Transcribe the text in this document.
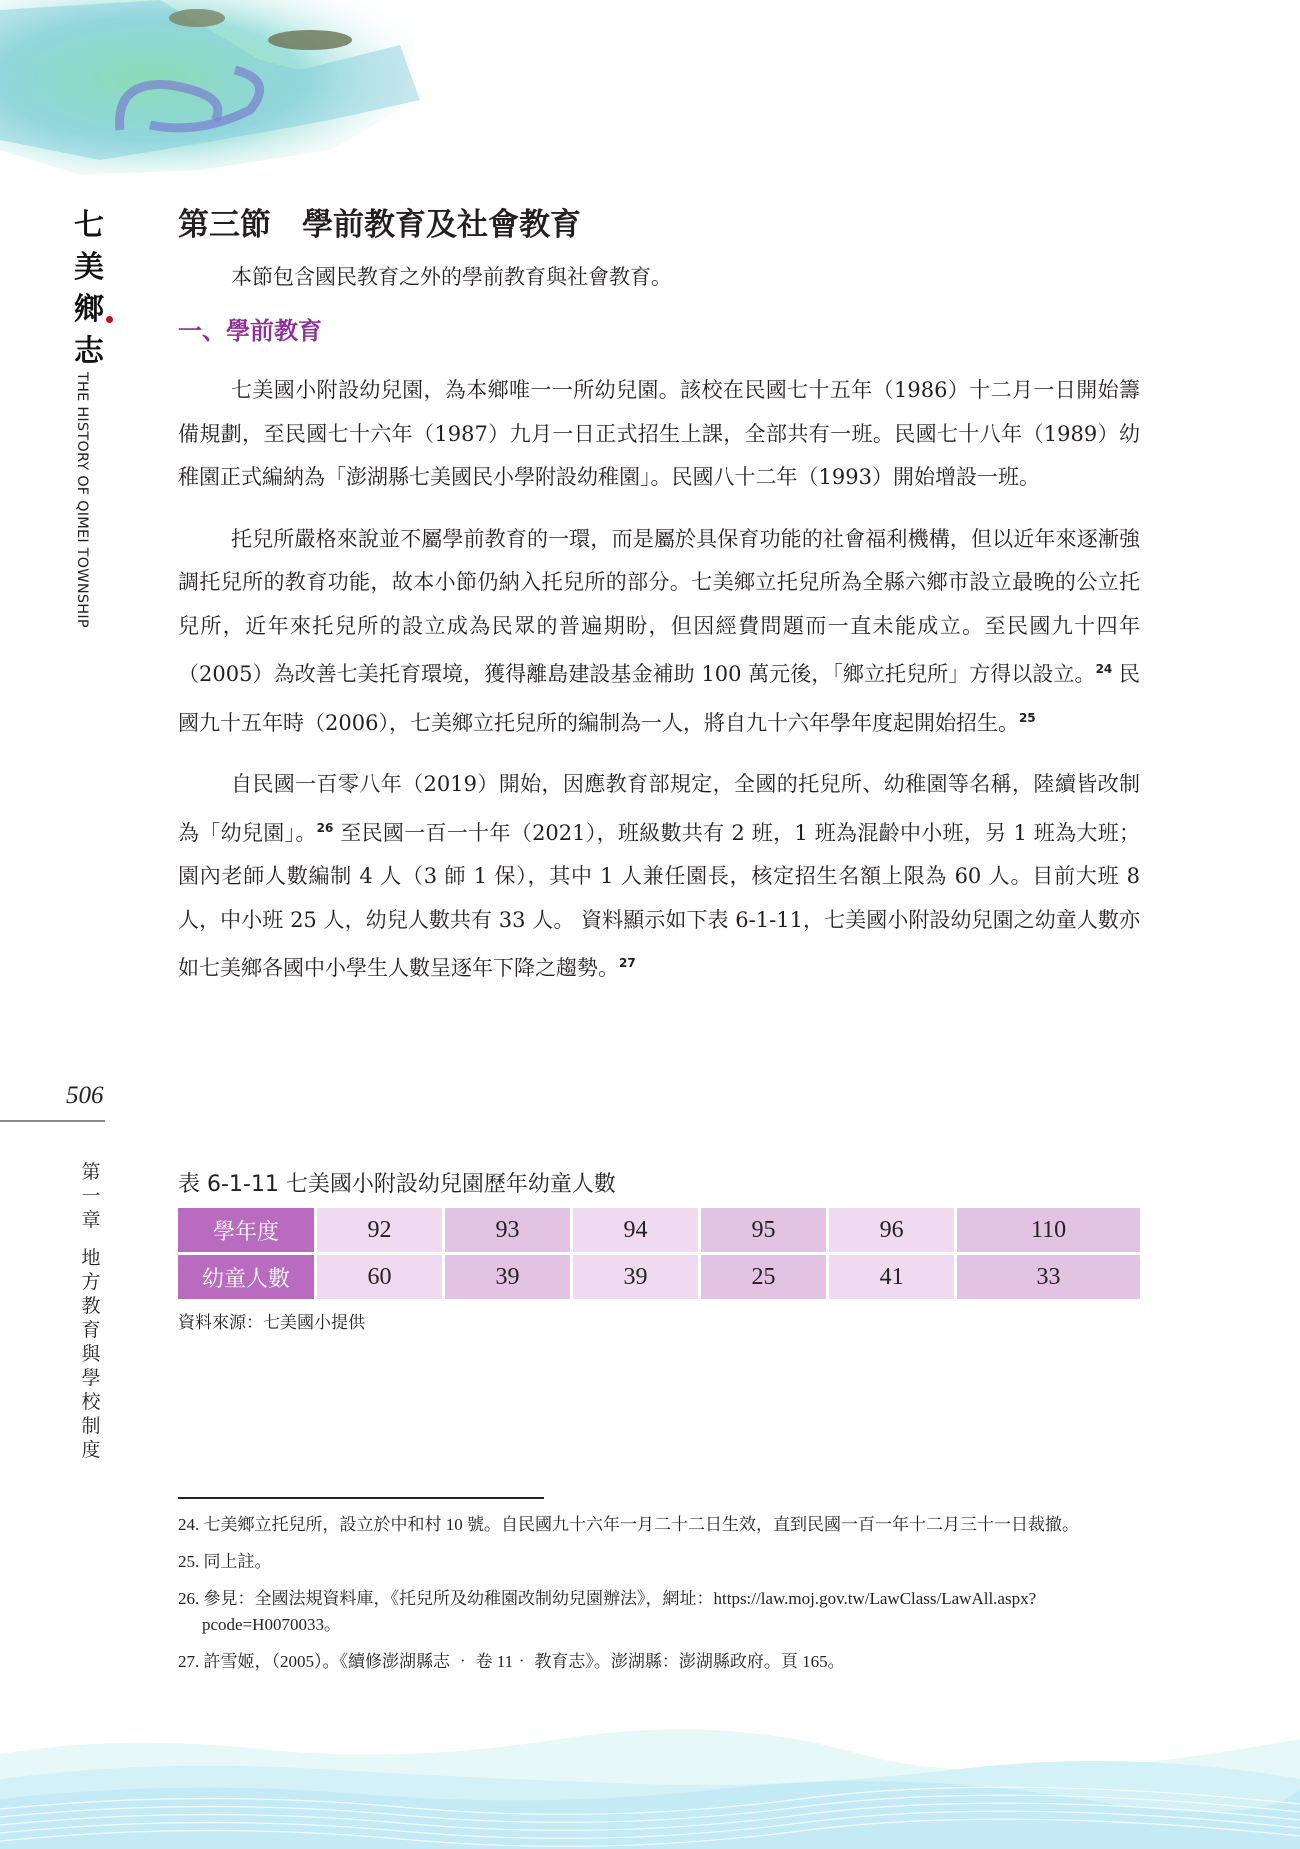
七
美
鄉
志
THE HISTORY OF QIMEI TOWNSHIP
506
第
一
章
地
方
教
育
與
學
校
制
度
第三節　學前教育及社會教育

本節包含國民教育之外的學前教育與社會教育。

一、學前教育

七美國小附設幼兒園，為本鄉唯一一所幼兒園。該校在民國七十五年（1986）十二月一日開始籌備規劃，至民國七十六年（1987）九月一日正式招生上課，全部共有一班。民國七十八年（1989）幼稚園正式編納為「澎湖縣七美國民小學附設幼稚園」。民國八十二年（1993）開始增設一班。

托兒所嚴格來說並不屬學前教育的一環，而是屬於具保育功能的社會福利機構，但以近年來逐漸強調托兒所的教育功能，故本小節仍納入托兒所的部分。七美鄉立托兒所為全縣六鄉市設立最晚的公立托兒所，近年來托兒所的設立成為民眾的普遍期盼，但因經費問題而一直未能成立。至民國九十四年（2005）為改善七美托育環境，獲得離島建設基金補助 100 萬元後，「鄉立托兒所」方得以設立。$^{24}$ 民國九十五年時（2006），七美鄉立托兒所的編制為一人，將自九十六年學年度起開始招生。$^{25}$

自民國一百零八年（2019）開始，因應教育部規定，全國的托兒所、幼稚園等名稱，陸續皆改制為「幼兒園」。$^{26}$ 至民國一百一十年（2021），班級數共有 2 班，1 班為混齡中小班，另 1 班為大班；園內老師人數編制 4 人（3 師 1 保），其中 1 人兼任園長，核定招生名額上限為 60 人。目前大班 8 人，中小班 25 人，幼兒人數共有 33 人。 資料顯示如下表 6-1-11，七美國小附設幼兒園之幼童人數亦如七美鄉各國中小學生人數呈逐年下降之趨勢。$^{27}$

表 6-1-11 七美國小附設幼兒園歷年幼童人數
學年度	92	93	94	95	96	110
幼童人數	60	39	39	25	41	33
資料來源：七美國小提供

24. 七美鄉立托兒所，設立於中和村 10 號。自民國九十六年一月二十二日生效，直到民國一百一年十二月三十一日裁撤。

25. 同上註。

26. 參見：全國法規資料庫，《托兒所及幼稚園改制幼兒園辦法》，網址：https://law.moj.gov.tw/LawClass/LawAll.aspx?pcode=H0070033。

27. 許雪姬，（2005）。《續修澎湖縣志 ‧ 卷 11‧ 教育志》。澎湖縣：澎湖縣政府。頁 165。
